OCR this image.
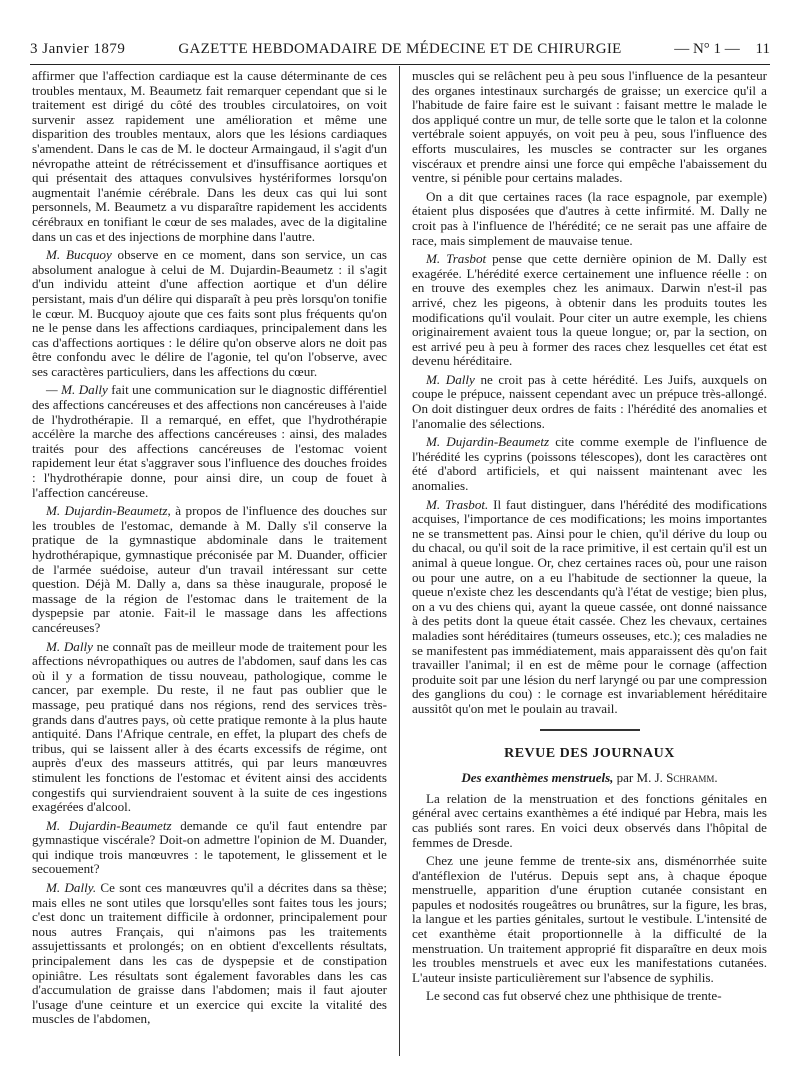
3 Janvier 1879	GAZETTE HEBDOMADAIRE DE MÉDECINE ET DE CHIRURGIE	— N° 1 — 11

affirmer que l'affection cardiaque est la cause déterminante de ces troubles mentaux, M. Beaumetz fait remarquer cependant que si le traitement est dirigé du côté des troubles circulatoires, on voit survenir assez rapidement une amélioration et même une disparition des troubles mentaux, alors que les lésions cardiaques s'amendent. Dans le cas de M. le docteur Armaingaud, il s'agit d'un névropathe atteint de rétrécissement et d'insuffisance aortiques et qui présentait des attaques convulsives hystériformes lorsqu'on augmentait l'anémie cérébrale. Dans les deux cas qui lui sont personnels, M. Beaumetz a vu disparaître rapidement les accidents cérébraux en tonifiant le cœur de ses malades, avec de la digitaline dans un cas et des injections de morphine dans l'autre.

M. Bucquoy observe en ce moment, dans son service, un cas absolument analogue à celui de M. Dujardin-Beaumetz : il s'agit d'un individu atteint d'une affection aortique et d'un délire persistant, mais d'un délire qui disparaît à peu près lorsqu'on tonifie le cœur. M. Bucquoy ajoute que ces faits sont plus fréquents qu'on ne le pense dans les affections cardiaques, principalement dans les cas d'affections aortiques : le délire qu'on observe alors ne doit pas être confondu avec le délire de l'agonie, tel qu'on l'observe, avec ses caractères particuliers, dans les affections du cœur.

— M. Dally fait une communication sur le diagnostic différentiel des affections cancéreuses et des affections non cancéreuses à l'aide de l'hydrothérapie. Il a remarqué, en effet, que l'hydrothérapie accélère la marche des affections cancéreuses : ainsi, des malades traités pour des affections cancéreuses de l'estomac voient rapidement leur état s'aggraver sous l'influence des douches froides : l'hydrothérapie donne, pour ainsi dire, un coup de fouet à l'affection cancéreuse.

M. Dujardin-Beaumetz, à propos de l'influence des douches sur les troubles de l'estomac, demande à M. Dally s'il conserve la pratique de la gymnastique abdominale dans le traitement hydrothérapique, gymnastique préconisée par M. Duander, officier de l'armée suédoise, auteur d'un travail intéressant sur cette question. Déjà M. Dally a, dans sa thèse inaugurale, proposé le massage de la région de l'estomac dans le traitement de la dyspepsie par atonie. Fait-il le massage dans les affections cancéreuses?

M. Dally ne connaît pas de meilleur mode de traitement pour les affections névropathiques ou autres de l'abdomen, sauf dans les cas où il y a formation de tissu nouveau, pathologique, comme le cancer, par exemple. Du reste, il ne faut pas oublier que le massage, peu pratiqué dans nos régions, rend des services très-grands dans d'autres pays, où cette pratique remonte à la plus haute antiquité. Dans l'Afrique centrale, en effet, la plupart des chefs de tribus, qui se laissent aller à des écarts excessifs de régime, ont auprès d'eux des masseurs attitrés, qui par leurs manœuvres stimulent les fonctions de l'estomac et évitent ainsi des accidents congestifs qui surviendraient souvent à la suite de ces ingestions exagérées d'alcool.

M. Dujardin-Beaumetz demande ce qu'il faut entendre par gymnastique viscérale? Doit-on admettre l'opinion de M. Duander, qui indique trois manœuvres : le tapotement, le glissement et le secouement?

M. Dally. Ce sont ces manœuvres qu'il a décrites dans sa thèse; mais elles ne sont utiles que lorsqu'elles sont faites tous les jours; c'est donc un traitement difficile à ordonner, principalement pour nous autres Français, qui n'aimons pas les traitements assujettissants et prolongés; on en obtient d'excellents résultats, principalement dans les cas de dyspepsie et de constipation opiniâtre. Les résultats sont également favorables dans les cas d'accumulation de graisse dans l'abdomen; mais il faut ajouter l'usage d'une ceinture et un exercice qui excite la vitalité des muscles de l'abdomen,

muscles qui se relâchent peu à peu sous l'influence de la pesanteur des organes intestinaux surchargés de graisse; un exercice qu'il a l'habitude de faire faire est le suivant : faisant mettre le malade le dos appliqué contre un mur, de telle sorte que le talon et la colonne vertébrale soient appuyés, on voit peu à peu, sous l'influence des efforts musculaires, les muscles se contracter sur les organes viscéraux et prendre ainsi une force qui empêche l'abaissement du ventre, si pénible pour certains malades.

On a dit que certaines races (la race espagnole, par exemple) étaient plus disposées que d'autres à cette infirmité. M. Dally ne croit pas à l'influence de l'hérédité; ce ne serait pas une affaire de race, mais simplement de mauvaise tenue.

M. Trasbot pense que cette dernière opinion de M. Dally est exagérée. L'hérédité exerce certainement une influence réelle : on en trouve des exemples chez les animaux. Darwin n'est-il pas arrivé, chez les pigeons, à obtenir dans les produits toutes les modifications qu'il voulait. Pour citer un autre exemple, les chiens originairement avaient tous la queue longue; or, par la section, on est arrivé peu à peu à former des races chez lesquelles cet état est devenu héréditaire.

M. Dally ne croit pas à cette hérédité. Les Juifs, auxquels on coupe le prépuce, naissent cependant avec un prépuce très-allongé. On doit distinguer deux ordres de faits : l'hérédité des anomalies et l'anomalie des sélections.

M. Dujardin-Beaumetz cite comme exemple de l'influence de l'hérédité les cyprins (poissons télescopes), dont les caractères ont été d'abord artificiels, et qui naissent maintenant avec les anomalies.

M. Trasbot. Il faut distinguer, dans l'hérédité des modifications acquises, l'importance de ces modifications; les moins importantes ne se transmettent pas. Ainsi pour le chien, qu'il dérive du loup ou du chacal, ou qu'il soit de la race primitive, il est certain qu'il est un animal à queue longue. Or, chez certaines races où, pour une raison ou pour une autre, on a eu l'habitude de sectionner la queue, la queue n'existe chez les descendants qu'à l'état de vestige; bien plus, on a vu des chiens qui, ayant la queue cassée, ont donné naissance à des petits dont la queue était cassée. Chez les chevaux, certaines maladies sont héréditaires (tumeurs osseuses, etc.); ces maladies ne se manifestent pas immédiatement, mais apparaissent dès qu'on fait travailler l'animal; il en est de même pour le cornage (affection produite soit par une lésion du nerf laryngé ou par une compression des ganglions du cou) : le cornage est invariablement héréditaire aussitôt qu'on met le poulain au travail.

REVUE DES JOURNAUX
Des exanthèmes menstruels, par M. J. Schramm.

La relation de la menstruation et des fonctions génitales en général avec certains exanthèmes a été indiqué par Hebra, mais les cas publiés sont rares. En voici deux observés dans l'hôpital de femmes de Dresde.

Chez une jeune femme de trente-six ans, disménorrhée suite d'antéflexion de l'utérus. Depuis sept ans, à chaque époque menstruelle, apparition d'une éruption cutanée consistant en papules et nodosités rougeâtres ou brunâtres, sur la figure, les bras, la langue et les parties génitales, surtout le vestibule. L'intensité de cet exanthème était proportionnelle à la difficulté de la menstruation. Un traitement approprié fit disparaître en deux mois les troubles menstruels et avec eux les manifestations cutanées. L'auteur insiste particulièrement sur l'absence de syphilis.

Le second cas fut observé chez une phthisique de trente-
